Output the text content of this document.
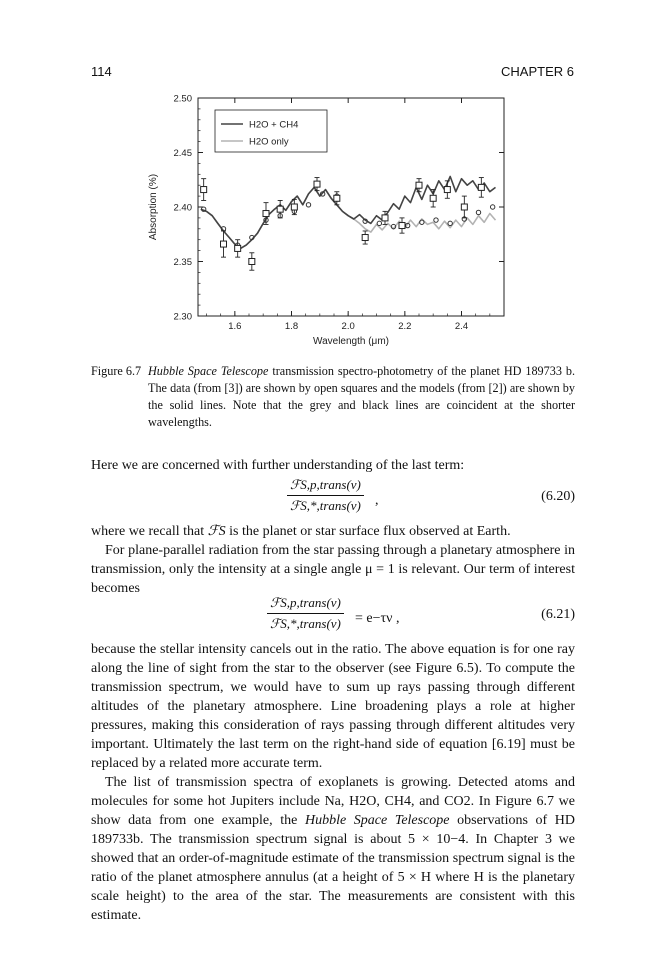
114	CHAPTER 6
2.30
2.35
2.40
2.45
2.50
1.6	1.8	2.0	2.2	2.4
Wavelength (μm)
Absorption (%)
H2O + CH4
H2O only
Figure 6.7 Hubble Space Telescope transmission spectro-photometry of the planet HD 189733 b. The data (from [3]) are shown by open squares and the models (from [2]) are shown by the solid lines. Note that the grey and black lines are coincident at the shorter wavelengths.

Here we are concerned with further understanding of the last term:

ℱS,p,trans(ν)
ℱS,*,trans(ν) ,	(6.20)

where we recall that ℱS is the planet or star surface flux observed at Earth.

For plane-parallel radiation from the star passing through a planetary atmosphere in transmission, only the intensity at a single angle μ = 1 is relevant. Our term of interest becomes

ℱS,p,trans(ν)
ℱS,*,trans(ν) = e−τν ,	(6.21)

because the stellar intensity cancels out in the ratio. The above equation is for one ray along the line of sight from the star to the observer (see Figure 6.5). To compute the transmission spectrum, we would have to sum up rays passing through different altitudes of the planetary atmosphere. Line broadening plays a role at higher pressures, making this consideration of rays passing through different altitudes very important. Ultimately the last term on the right-hand side of equation [6.19] must be replaced by a related more accurate term.

The list of transmission spectra of exoplanets is growing. Detected atoms and molecules for some hot Jupiters include Na, H2O, CH4, and CO2. In Figure 6.7 we show data from one example, the Hubble Space Telescope observations of HD 189733b. The transmission spectrum signal is about 5 × 10−4. In Chapter 3 we showed that an order-of-magnitude estimate of the transmission spectrum signal is the ratio of the planet atmosphere annulus (at a height of 5 × H where H is the planetary scale height) to the area of the star. The measurements are consistent with this estimate.
